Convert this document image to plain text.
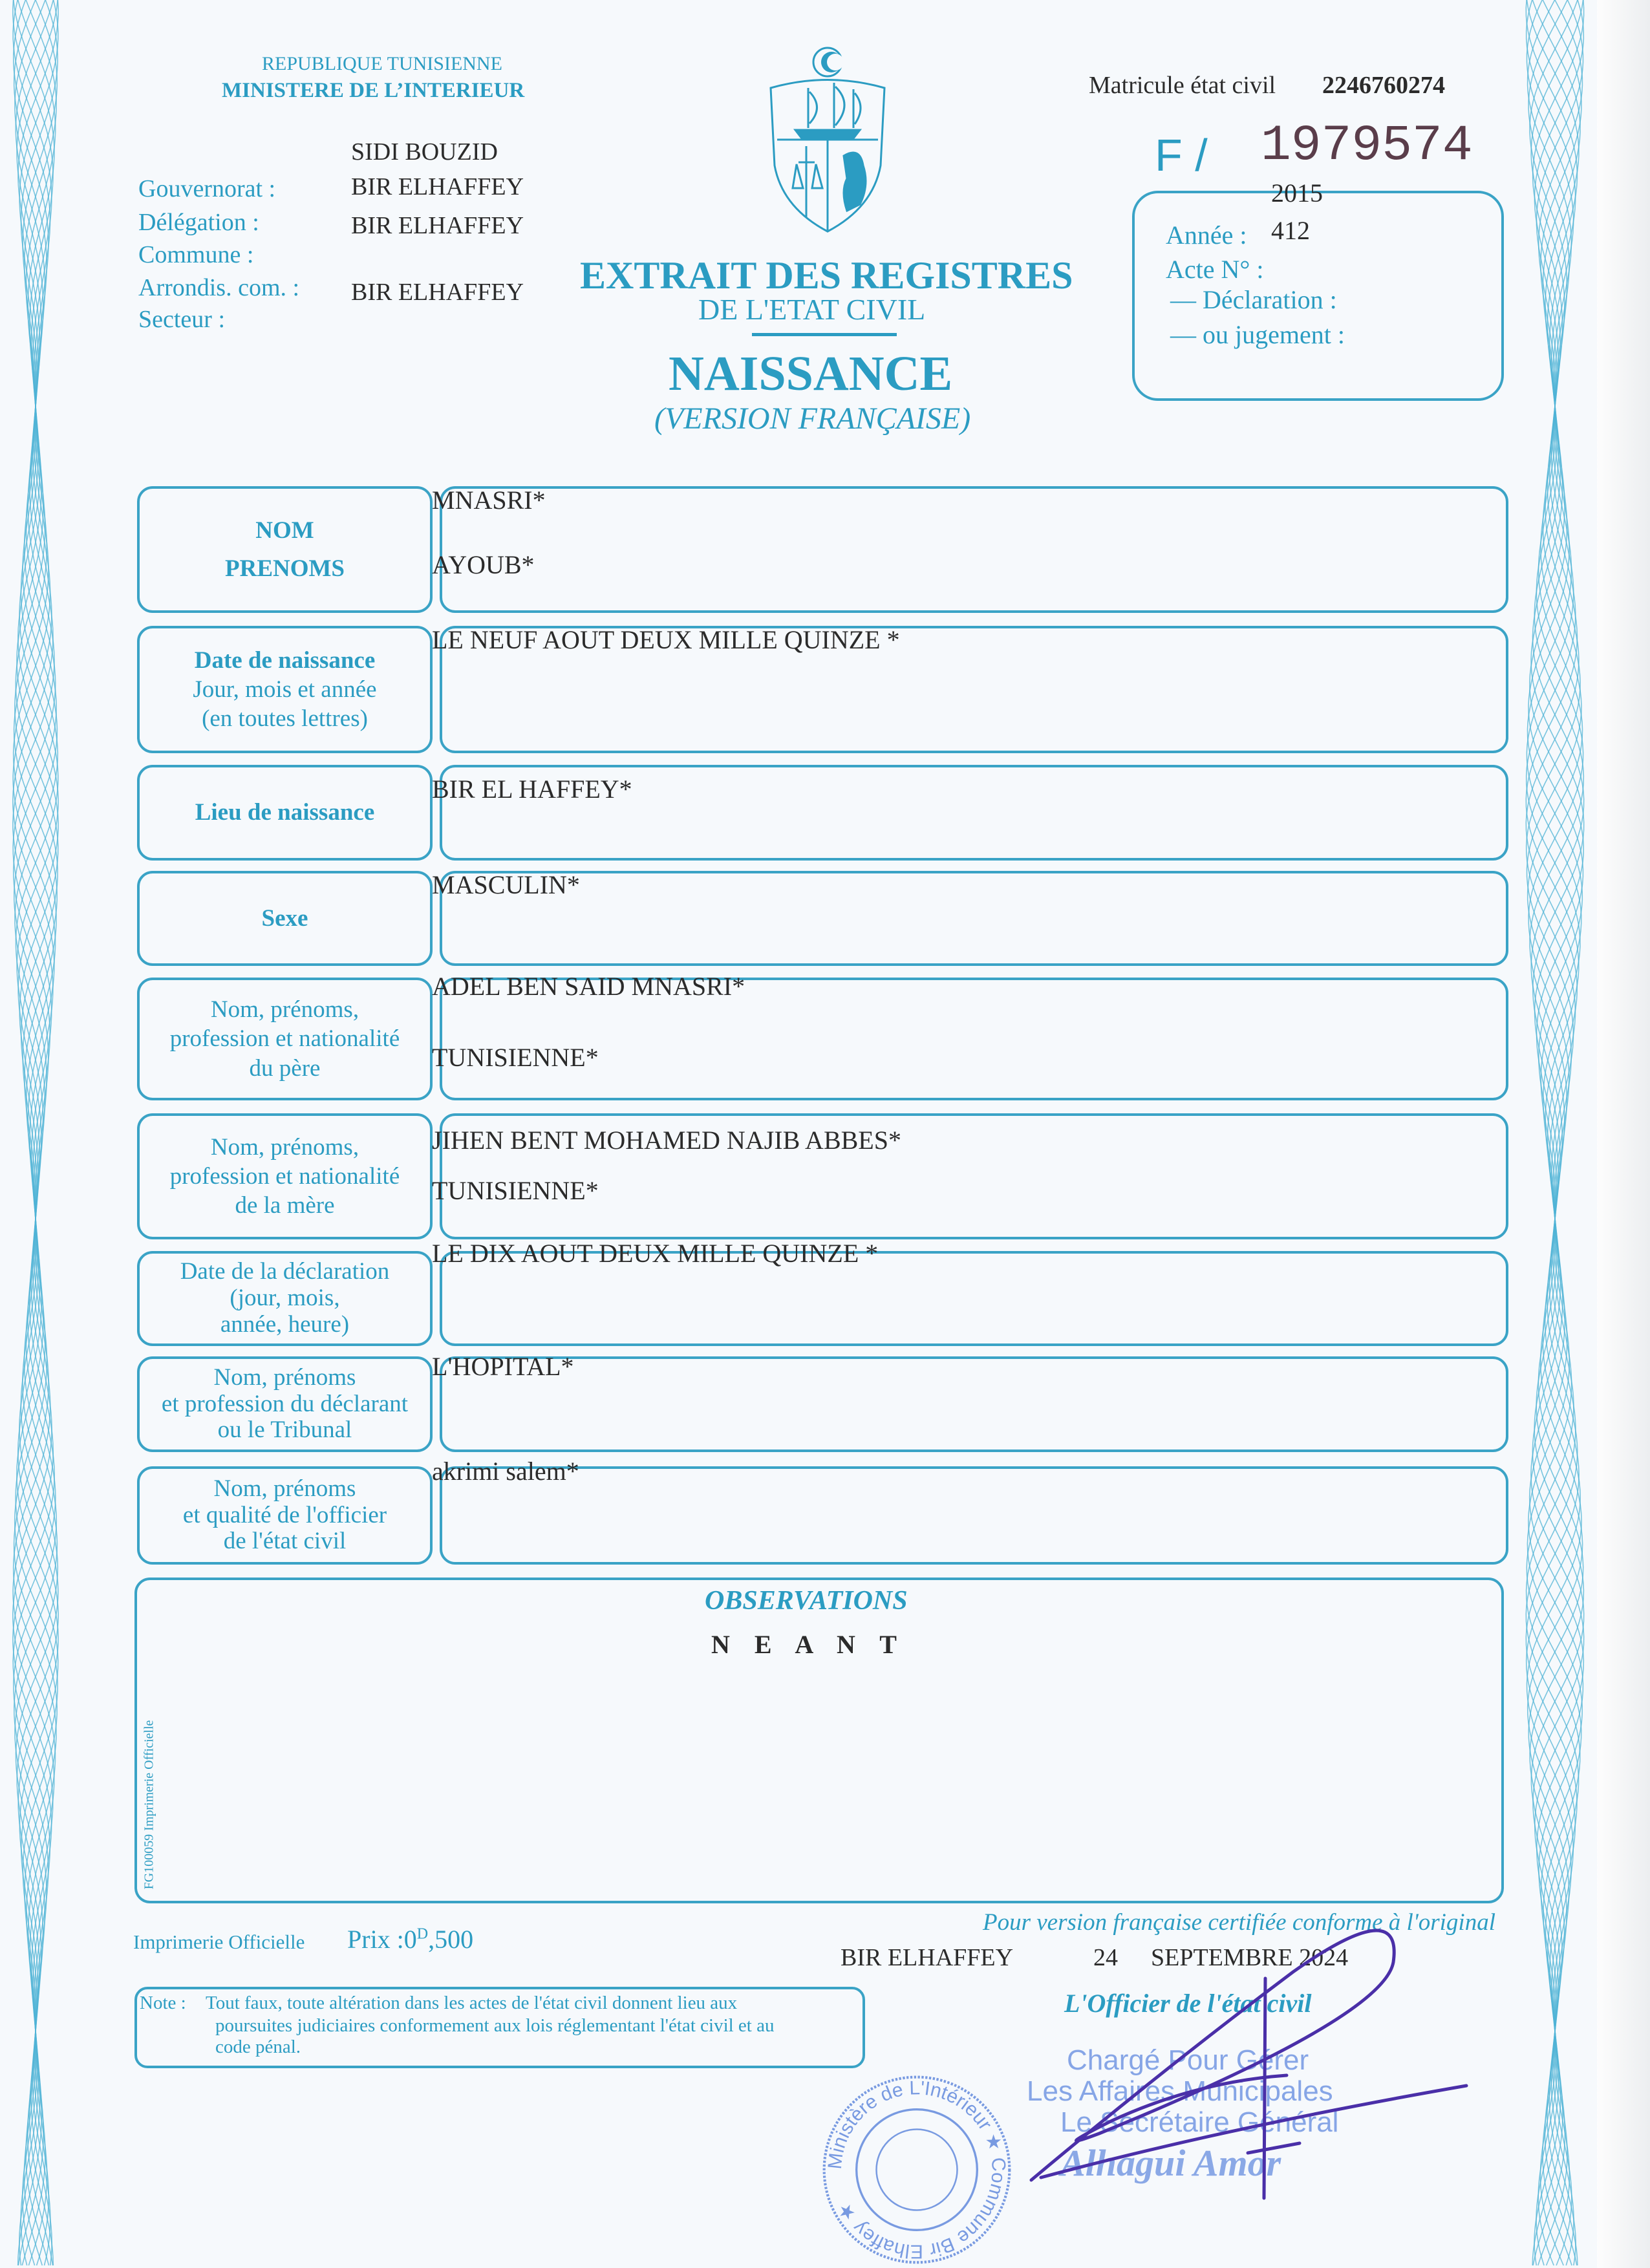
REPUBLIQUE TUNISIENNE
MINISTERE DE L’INTERIEUR
SIDI BOUZID
Gouvernorat :
Délégation :
Commune :
Arrondis. com. :
Secteur :
BIR ELHAFFEY
BIR ELHAFFEY
BIR ELHAFFEY EXTRAIT DES REGISTRES
DE L'ETAT CIVIL
NAISSANCE
(VERSION FRANÇAISE)
Matricule état civil 2246760274
F / 1979574
2015
Année : 412
Acte N° :
— Déclaration :
— ou jugement :
NOM
PRENOMS
MNASRI*
AYOUB*
Date de naissance
Jour, mois et année
(en toutes lettres)
LE NEUF AOUT DEUX MILLE QUINZE *
Lieu de naissance
BIR EL HAFFEY*
Sexe
MASCULIN*
Nom, prénoms,
profession et nationalité
du père
ADEL BEN SAID MNASRI*
TUNISIENNE*
Nom, prénoms,
profession et nationalité
de la mère
JIHEN BENT MOHAMED NAJIB ABBES*
TUNISIENNE*
Date de la déclaration
(jour, mois,
année, heure)
LE DIX AOUT DEUX MILLE QUINZE *
Nom, prénoms
et profession du déclarant
ou le Tribunal
L'HOPITAL*
Nom, prénoms
et qualité de l'officier
de l'état civil
akrimi salem*
OBSERVATIONS
N E A N T
FG100059 Imprimerie Officielle
Imprimerie Officielle Prix $:0^D,500$
Pour version française certifiée conforme à l'original
BIR ELHAFFEY	24 SEPTEMBRE 2024
L'Officier de l'état civil
Note : Tout faux, toute altération dans les actes de l'état civil donnent lieu aux
poursuites judiciaires conformement aux lois réglementant l'état civil et au
code pénal.
Ministère de L'Intérieur ★ Commune Bir Elhaffey ★
Chargé Pour Gérer
Les Affaires Municipales
Le Secrétaire Général
Alhagui Amor
